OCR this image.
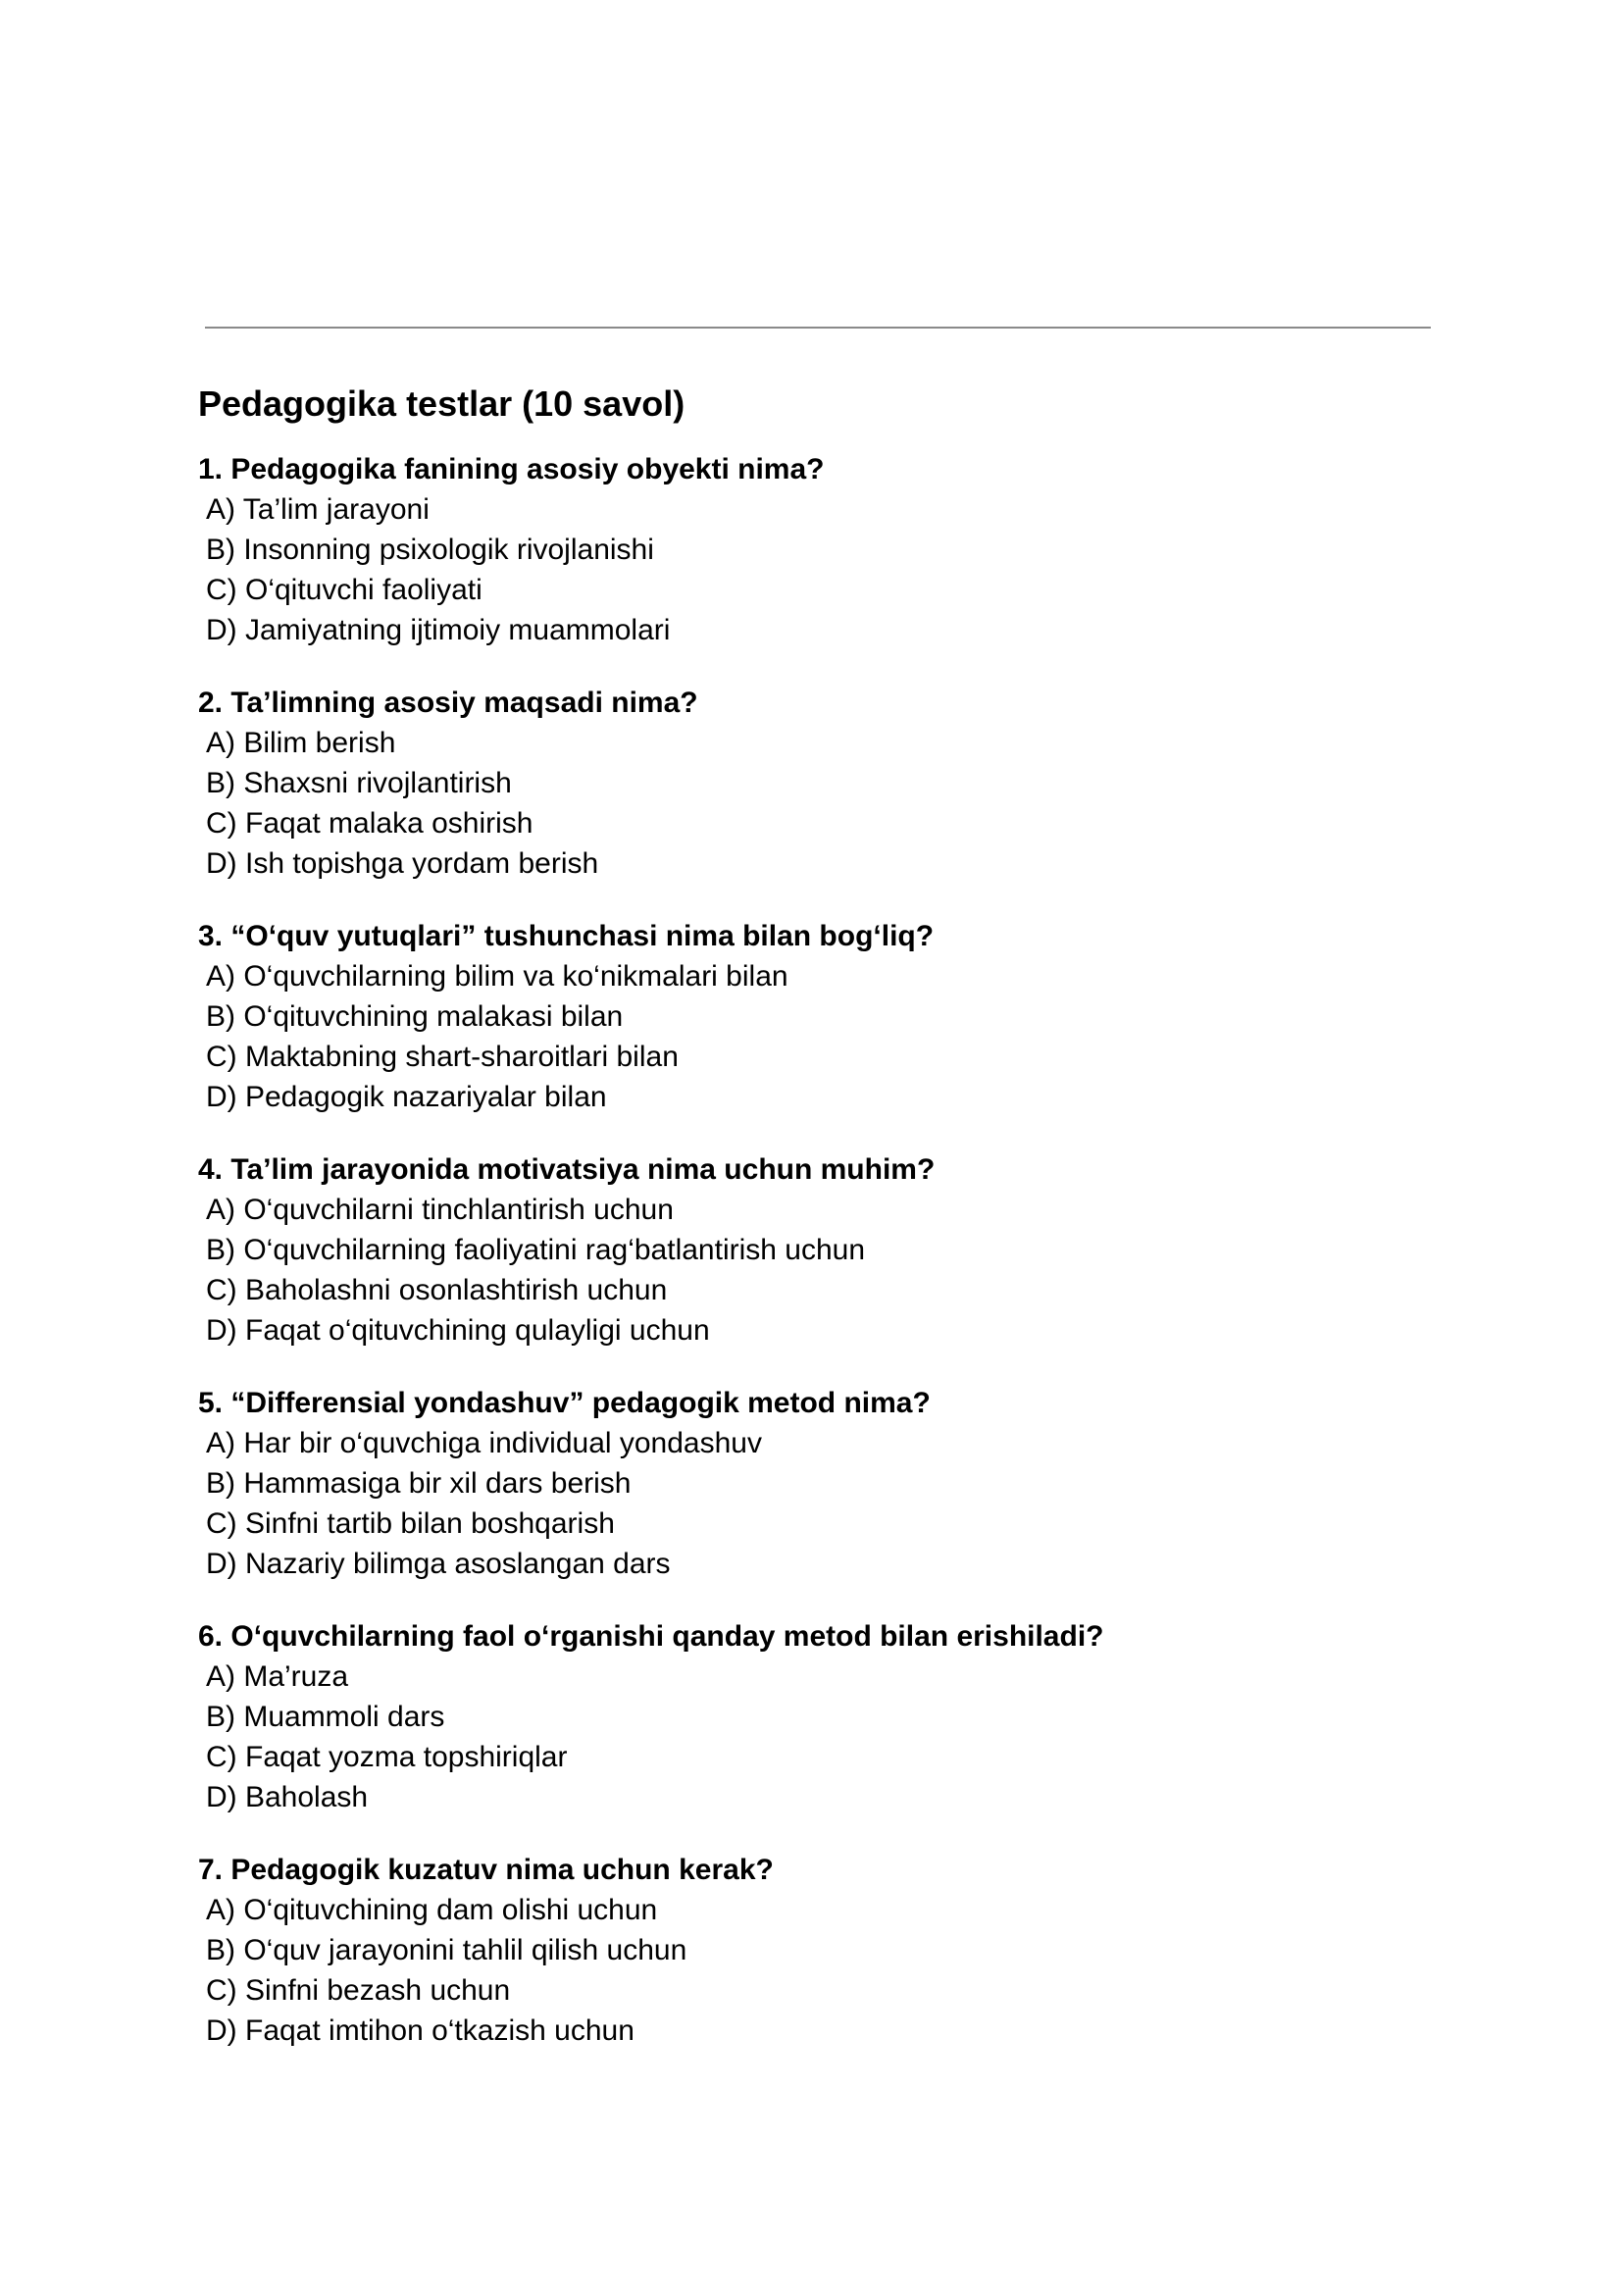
Pedagogika testlar (10 savol)
1. Pedagogika fanining asosiy obyekti nima?
A) Ta’lim jarayoni
B) Insonning psixologik rivojlanishi
C) O‘qituvchi faoliyati
D) Jamiyatning ijtimoiy muammolari
2. Ta’limning asosiy maqsadi nima?
A) Bilim berish
B) Shaxsni rivojlantirish
C) Faqat malaka oshirish
D) Ish topishga yordam berish
3. “O‘quv yutuqlari” tushunchasi nima bilan bog‘liq?
A) O‘quvchilarning bilim va ko‘nikmalari bilan
B) O‘qituvchining malakasi bilan
C) Maktabning shart-sharoitlari bilan
D) Pedagogik nazariyalar bilan
4. Ta’lim jarayonida motivatsiya nima uchun muhim?
A) O‘quvchilarni tinchlantirish uchun
B) O‘quvchilarning faoliyatini rag‘batlantirish uchun
C) Baholashni osonlashtirish uchun
D) Faqat o‘qituvchining qulayligi uchun
5. “Differensial yondashuv” pedagogik metod nima?
A) Har bir o‘quvchiga individual yondashuv
B) Hammasiga bir xil dars berish
C) Sinfni tartib bilan boshqarish
D) Nazariy bilimga asoslangan dars
6. O‘quvchilarning faol o‘rganishi qanday metod bilan erishiladi?
A) Ma’ruza
B) Muammoli dars
C) Faqat yozma topshiriqlar
D) Baholash
7. Pedagogik kuzatuv nima uchun kerak?
A) O‘qituvchining dam olishi uchun
B) O‘quv jarayonini tahlil qilish uchun
C) Sinfni bezash uchun
D) Faqat imtihon o‘tkazish uchun
